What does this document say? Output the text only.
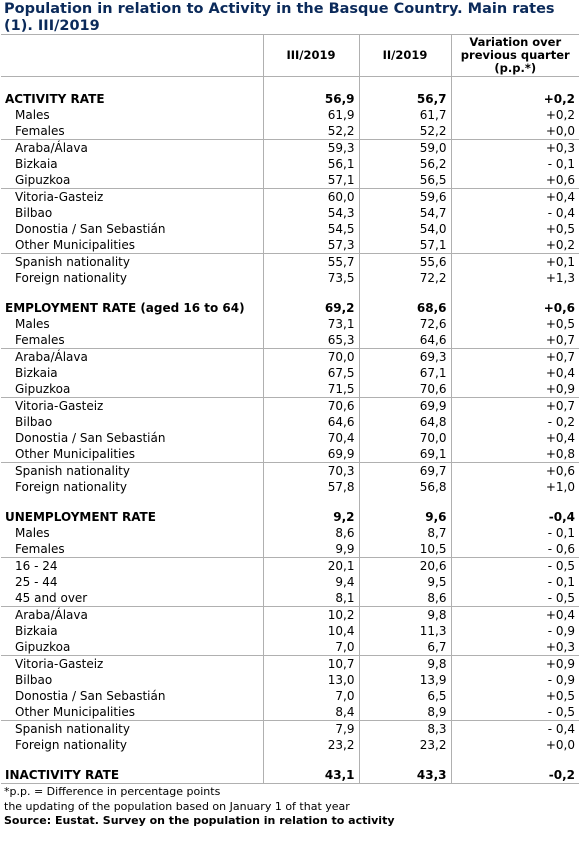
Population in relation to Activity in the Basque Country. Main rates (1). III/2019
	III/2019	II/2019	Variation over previous quarter (p.p.*)

ACTIVITY RATE	56,9	56,7	+0,2
Males	61,9	61,7	+0,2
Females	52,2	52,2	+0,0
Araba/Álava	59,3	59,0	+0,3
Bizkaia	56,1	56,2	- 0,1
Gipuzkoa	57,1	56,5	+0,6
Vitoria-Gasteiz	60,0	59,6	+0,4
Bilbao	54,3	54,7	- 0,4
Donostia / San Sebastián	54,5	54,0	+0,5
Other Municipalities	57,3	57,1	+0,2
Spanish nationality	55,7	55,6	+0,1
Foreign nationality	73,5	72,2	+1,3

EMPLOYMENT RATE (aged 16 to 64)	69,2	68,6	+0,6
Males	73,1	72,6	+0,5
Females	65,3	64,6	+0,7
Araba/Álava	70,0	69,3	+0,7
Bizkaia	67,5	67,1	+0,4
Gipuzkoa	71,5	70,6	+0,9
Vitoria-Gasteiz	70,6	69,9	+0,7
Bilbao	64,6	64,8	- 0,2
Donostia / San Sebastián	70,4	70,0	+0,4
Other Municipalities	69,9	69,1	+0,8
Spanish nationality	70,3	69,7	+0,6
Foreign nationality	57,8	56,8	+1,0

UNEMPLOYMENT RATE	9,2	9,6	-0,4
Males	8,6	8,7	- 0,1
Females	9,9	10,5	- 0,6
16 - 24	20,1	20,6	- 0,5
25 - 44	9,4	9,5	- 0,1
45 and over	8,1	8,6	- 0,5
Araba/Álava	10,2	9,8	+0,4
Bizkaia	10,4	11,3	- 0,9
Gipuzkoa	7,0	6,7	+0,3
Vitoria-Gasteiz	10,7	9,8	+0,9
Bilbao	13,0	13,9	- 0,9
Donostia / San Sebastián	7,0	6,5	+0,5
Other Municipalities	8,4	8,9	- 0,5
Spanish nationality	7,9	8,3	- 0,4
Foreign nationality	23,2	23,2	+0,0

INACTIVITY RATE	43,1	43,3	-0,2
*p.p. = Difference in percentage points
the updating of the population based on January 1 of that year
Source: Eustat. Survey on the population in relation to activity
